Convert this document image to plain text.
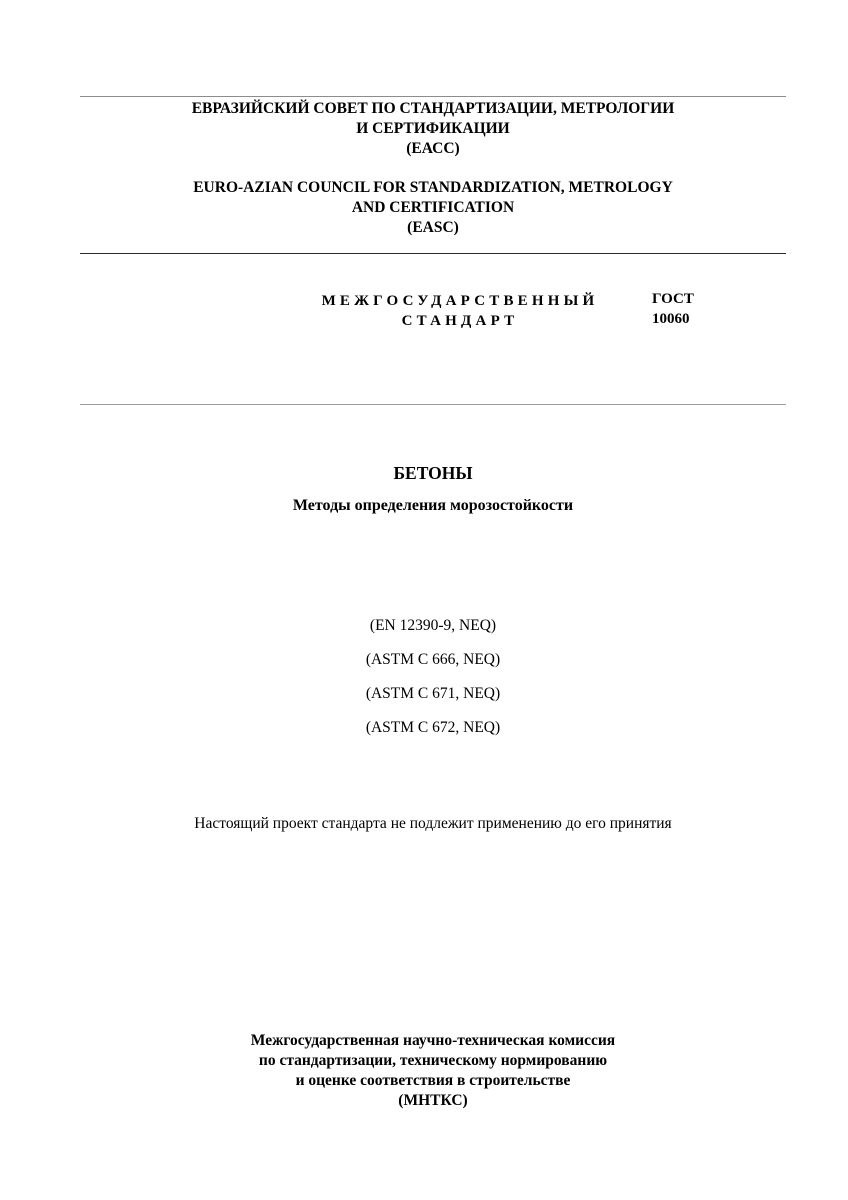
ЕВРАЗИЙСКИЙ СОВЕТ ПО СТАНДАРТИЗАЦИИ, МЕТРОЛОГИИ
И СЕРТИФИКАЦИИ
(ЕАСС)
EURO-AZIAN COUNCIL FOR STANDARDIZATION, METROLOGY
AND CERTIFICATION
(EASC)
МЕЖГОСУДАРСТВЕННЫЙ
СТАНДАРТ
ГОСТ
10060
БЕТОНЫ
Методы определения морозостойкости
(EN 12390-9, NEQ)
(ASTM C 666, NEQ)
(ASTM C 671, NEQ)
(ASTM C 672, NEQ)
Настоящий проект стандарта не подлежит применению до его принятия
Межгосударственная научно-техническая комиссия
по стандартизации, техническому нормированию
и оценке соответствия в строительстве
(МНТКС)
